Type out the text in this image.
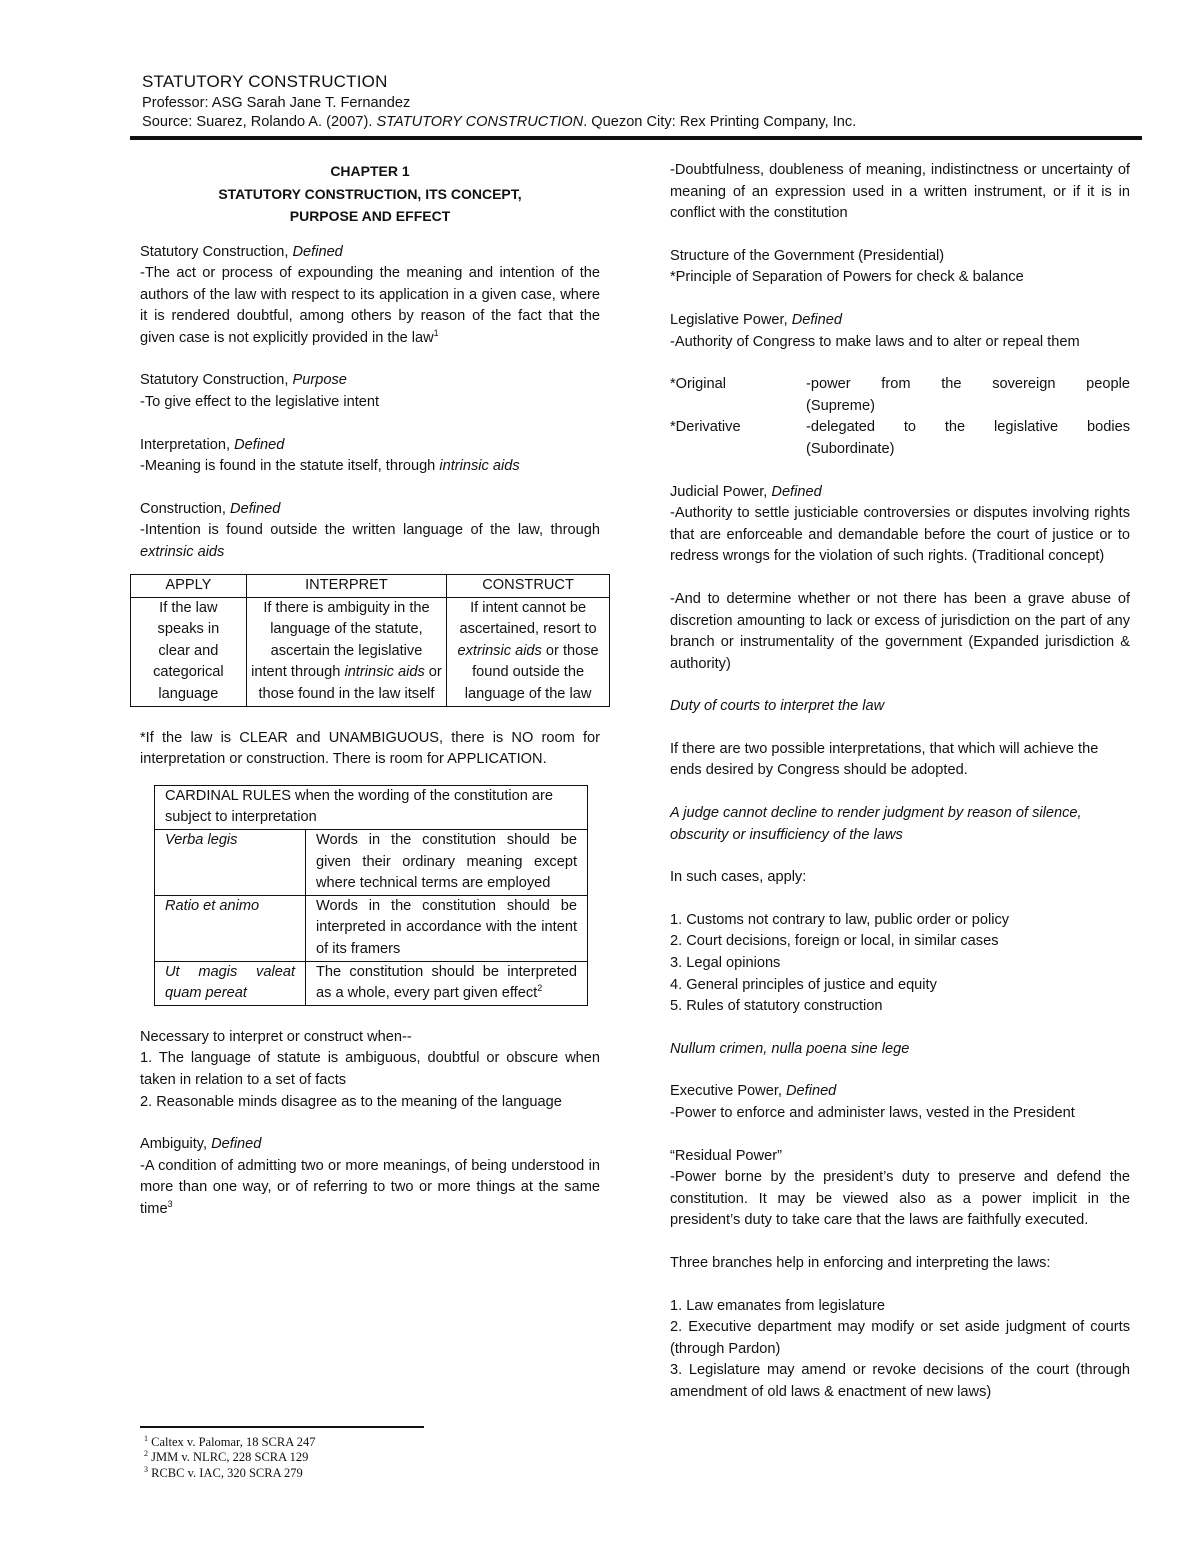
STATUTORY CONSTRUCTION
Professor: ASG Sarah Jane T. Fernandez
Source: Suarez, Rolando A. (2007). STATUTORY CONSTRUCTION. Quezon City: Rex Printing Company, Inc.
CHAPTER 1
STATUTORY CONSTRUCTION, ITS CONCEPT,
PURPOSE AND EFFECT

Statutory Construction, Defined

-The act or process of expounding the meaning and intention of the authors of the law with respect to its application in a given case, where it is rendered doubtful, among others by reason of the fact that the given case is not explicitly provided in the law$^1$

Statutory Construction, Purpose

-To give effect to the legislative intent

Interpretation, Defined

-Meaning is found in the statute itself, through intrinsic aids

Construction, Defined

-Intention is found outside the written language of the law, through extrinsic aids

APPLY	INTERPRET	CONSTRUCT
If the law speaks in clear and categorical language	If there is ambiguity in the language of the statute, ascertain the legislative intent through intrinsic aids or those found in the law itself	If intent cannot be ascertained, resort to extrinsic aids or those found outside the language of the law

*If the law is CLEAR and UNAMBIGUOUS, there is NO room for interpretation or construction. There is room for APPLICATION.

CARDINAL RULES when the wording of the constitution are subject to interpretation	
Verba legis	Words in the constitution should be given their ordinary meaning except where technical terms are employed
Ratio et animo	Words in the constitution should be interpreted in accordance with the intent of its framers
Ut magis valeat quam pereat	The constitution should be interpreted as a whole, every part given effect$^2$

Necessary to interpret or construct when--

1. The language of statute is ambiguous, doubtful or obscure when taken in relation to a set of facts

2. Reasonable minds disagree as to the meaning of the language

Ambiguity, Defined

-A condition of admitting two or more meanings, of being understood in more than one way, or of referring to two or more things at the same time$^3$

$^1$ Caltex v. Palomar, 18 SCRA 247
$^2$ JMM v. NLRC, 228 SCRA 129
$^3$ RCBC v. IAC, 320 SCRA 279

-Doubtfulness, doubleness of meaning, indistinctness or uncertainty of meaning of an expression used in a written instrument, or if it is in conflict with the constitution

Structure of the Government (Presidential)

*Principle of Separation of Powers for check & balance

Legislative Power, Defined

-Authority of Congress to make laws and to alter or repeal them

*Original	-power from the sovereign people
(Supreme)
*Derivative	-delegated to the legislative bodies
(Subordinate)

Judicial Power, Defined

-Authority to settle justiciable controversies or disputes involving rights that are enforceable and demandable before the court of justice or to redress wrongs for the violation of such rights. (Traditional concept)

-And to determine whether or not there has been a grave abuse of discretion amounting to lack or excess of jurisdiction on the part of any branch or instrumentality of the government (Expanded jurisdiction & authority)

Duty of courts to interpret the law

If there are two possible interpretations, that which will achieve the ends desired by Congress should be adopted.

A judge cannot decline to render judgment by reason of silence, obscurity or insufficiency of the laws

In such cases, apply:

1. Customs not contrary to law, public order or policy

2. Court decisions, foreign or local, in similar cases

3. Legal opinions

4. General principles of justice and equity

5. Rules of statutory construction

Nullum crimen, nulla poena sine lege

Executive Power, Defined

-Power to enforce and administer laws, vested in the President

“Residual Power”

-Power borne by the president’s duty to preserve and defend the constitution. It may be viewed also as a power implicit in the president’s duty to take care that the laws are faithfully executed.

Three branches help in enforcing and interpreting the laws:

1. Law emanates from legislature

2. Executive department may modify or set aside judgment of courts (through Pardon)

3. Legislature may amend or revoke decisions of the court (through amendment of old laws & enactment of new laws)
